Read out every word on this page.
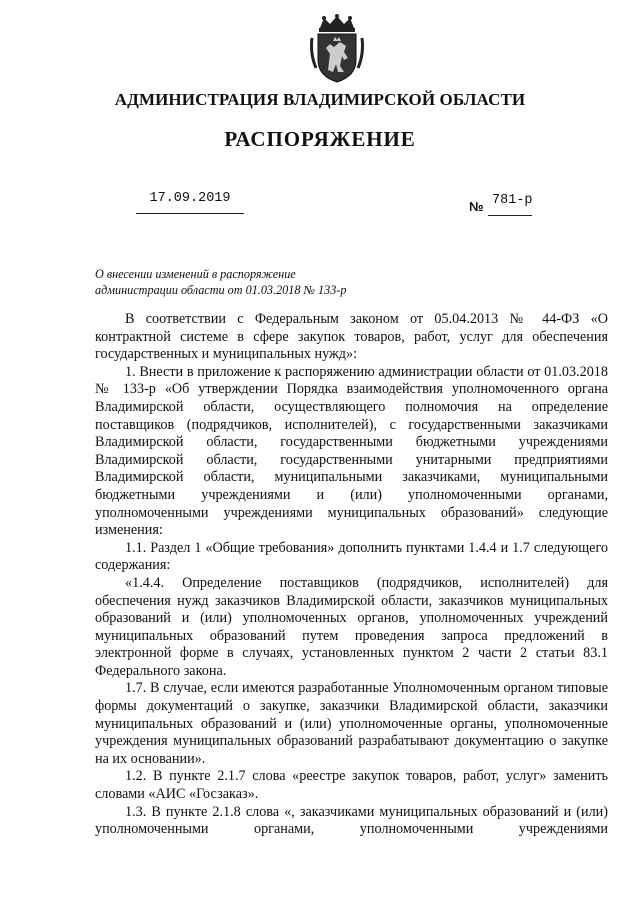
АДМИНИСТРАЦИЯ ВЛАДИМИРСКОЙ ОБЛАСТИ
РАСПОРЯЖЕНИЕ
17.09.2019
№ 781-р
О внесении изменений в распоряжение
администрации области от 01.03.2018 № 133-р

В соответствии с Федеральным законом от 05.04.2013 № 44-ФЗ «О контрактной системе в сфере закупок товаров, работ, услуг для обеспечения государственных и муниципальных нужд»:

1. Внести в приложение к распоряжению администрации области от 01.03.2018 № 133-р «Об утверждении Порядка взаимодействия уполномоченного органа Владимирской области, осуществляющего полномочия на определение поставщиков (подрядчиков, исполнителей), с государственными заказчиками Владимирской области, государственными бюджетными учреждениями Владимирской области, государственными унитарными предприятиями Владимирской области, муниципальными заказчиками, муниципальными бюджетными учреждениями и (или) уполномоченными органами, уполномоченными учреждениями муниципальных образований» следующие изменения:

1.1. Раздел 1 «Общие требования» дополнить пунктами 1.4.4 и 1.7 следующего содержания:

«1.4.4. Определение поставщиков (подрядчиков, исполнителей) для обеспечения нужд заказчиков Владимирской области, заказчиков муниципальных образований и (или) уполномоченных органов, уполномоченных учреждений муниципальных образований путем проведения запроса предложений в электронной форме в случаях, установленных пунктом 2 части 2 статьи 83.1 Федерального закона.

1.7. В случае, если имеются разработанные Уполномоченным органом типовые формы документаций о закупке, заказчики Владимирской области, заказчики муниципальных образований и (или) уполномоченные органы, уполномоченные учреждения муниципальных образований разрабатывают документацию о закупке на их основании».

1.2. В пункте 2.1.7 слова «реестре закупок товаров, работ, услуг» заменить словами «АИС «Госзаказ».

1.3. В пункте 2.1.8 слова «, заказчиками муниципальных образований и (или) уполномоченными органами, уполномоченными учреждениями
